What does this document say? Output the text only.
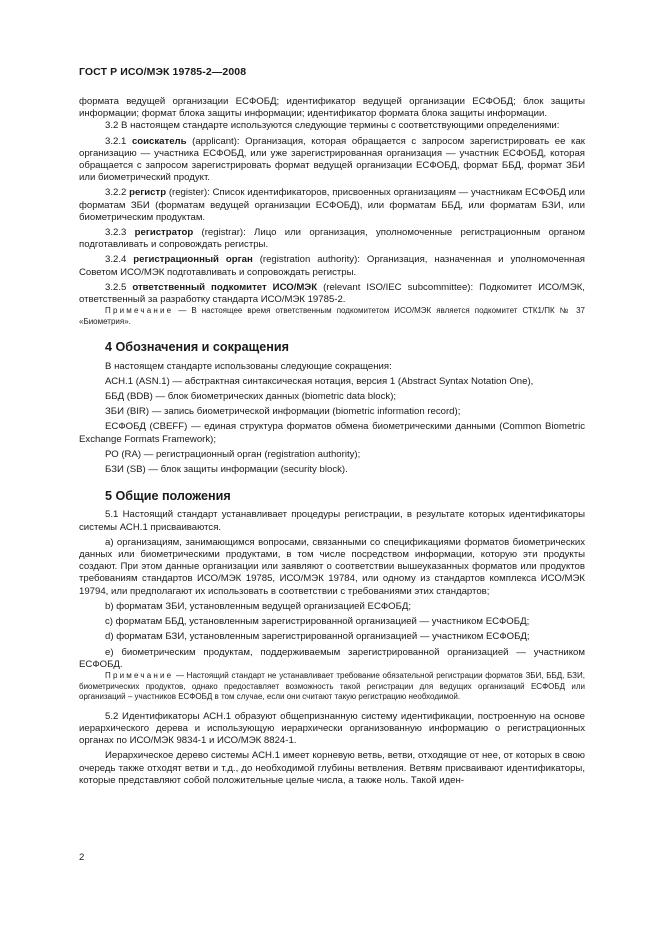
ГОСТ Р ИСО/МЭК 19785-2—2008

формата ведущей организации ЕСФОБД; идентификатор ведущей организации ЕСФОБД; блок защиты информации; формат блока защиты информации; идентификатор формата блока защиты информации.

3.2 В настоящем стандарте используются следующие термины с соответствующими определениями:

3.2.1 соискатель (applicant): Организация, которая обращается с запросом зарегистрировать ее как организацию — участника ЕСФОБД, или уже зарегистрированная организация — участник ЕСФОБД, которая обращается с запросом зарегистрировать формат ведущей организации ЕСФОБД, формат ББД, формат ЗБИ или биометрический продукт.

3.2.2 регистр (register): Список идентификаторов, присвоенных организациям — участникам ЕСФОБД или форматам ЗБИ (форматам ведущей организации ЕСФОБД), или форматам ББД, или форматам БЗИ, или биометрическим продуктам.

3.2.3 регистратор (registrar): Лицо или организация, уполномоченные регистрационным органом подготавливать и сопровождать регистры.

3.2.4 регистрационный орган (registration authority): Организация, назначенная и уполномоченная Советом ИСО/МЭК подготавливать и сопровождать регистры.

3.2.5 ответственный подкомитет ИСО/МЭК (relevant ISO/IEC subcommittee): Подкомитет ИСО/МЭК, ответственный за разработку стандарта ИСО/МЭК 19785-2.

Примечание — В настоящее время ответственным подкомитетом ИСО/МЭК является подкомитет СТК1/ПК № 37 «Биометрия».

4 Обозначения и сокращения

В настоящем стандарте использованы следующие сокращения:

АСН.1 (ASN.1) — абстрактная синтаксическая нотация, версия 1 (Abstract Syntax Notation One),

ББД (BDB) — блок биометрических данных (biometric data block);

ЗБИ (BIR) — запись биометрической информации (biometric information record);

ЕСФОБД (CBEFF) — единая структура форматов обмена биометрическими данными (Common Biometric Exchange Formats Framework);

РО (RA) — регистрационный орган (registration authority);

БЗИ (SB) — блок защиты информации (security block).

5 Общие положения

5.1 Настоящий стандарт устанавливает процедуры регистрации, в результате которых идентификаторы системы АСН.1 присваиваются.

а) организациям, занимающимся вопросами, связанными со спецификациями форматов биометрических данных или биометрическими продуктами, в том числе посредством информации, которую эти продукты создают. При этом данные организации или заявляют о соответствии вышеуказанных форматов или продуктов требованиям стандартов ИСО/МЭК 19785, ИСО/МЭК 19784, или одному из стандартов комплекса ИСО/МЭК 19794, или предполагают их использовать в соответствии с требованиями этих стандартов;

b) форматам ЗБИ, установленным ведущей организацией ЕСФОБД;

c) форматам ББД, установленным зарегистрированной организацией — участником ЕСФОБД;

d) форматам БЗИ, установленным зарегистрированной организацией — участником ЕСФОБД;

е) биометрическим продуктам, поддерживаемым зарегистрированной организацией — участником ЕСФОБД.

Примечание — Настоящий стандарт не устанавливает требование обязательной регистрации форматов ЗБИ, ББД, БЗИ, биометрических продуктов, однако предоставляет возможность такой регистрации для ведущих организаций ЕСФОБД или организаций – участников ЕСФОБД в том случае, если они считают такую регистрацию необходимой.

5.2 Идентификаторы АСН.1 образуют общепризнанную систему идентификации, построенную на основе иерархического дерева и использующую иерархически организованную информацию о регистрационных органах по ИСО/МЭК 9834-1 и ИСО/МЭК 8824-1.

Иерархическое дерево системы АСН.1 имеет корневую ветвь, ветви, отходящие от нее, от которых в свою очередь также отходят ветви и т.д., до необходимой глубины ветвления. Ветвям присваивают идентификаторы, которые представляют собой положительные целые числа, а также ноль. Такой иден-

2
